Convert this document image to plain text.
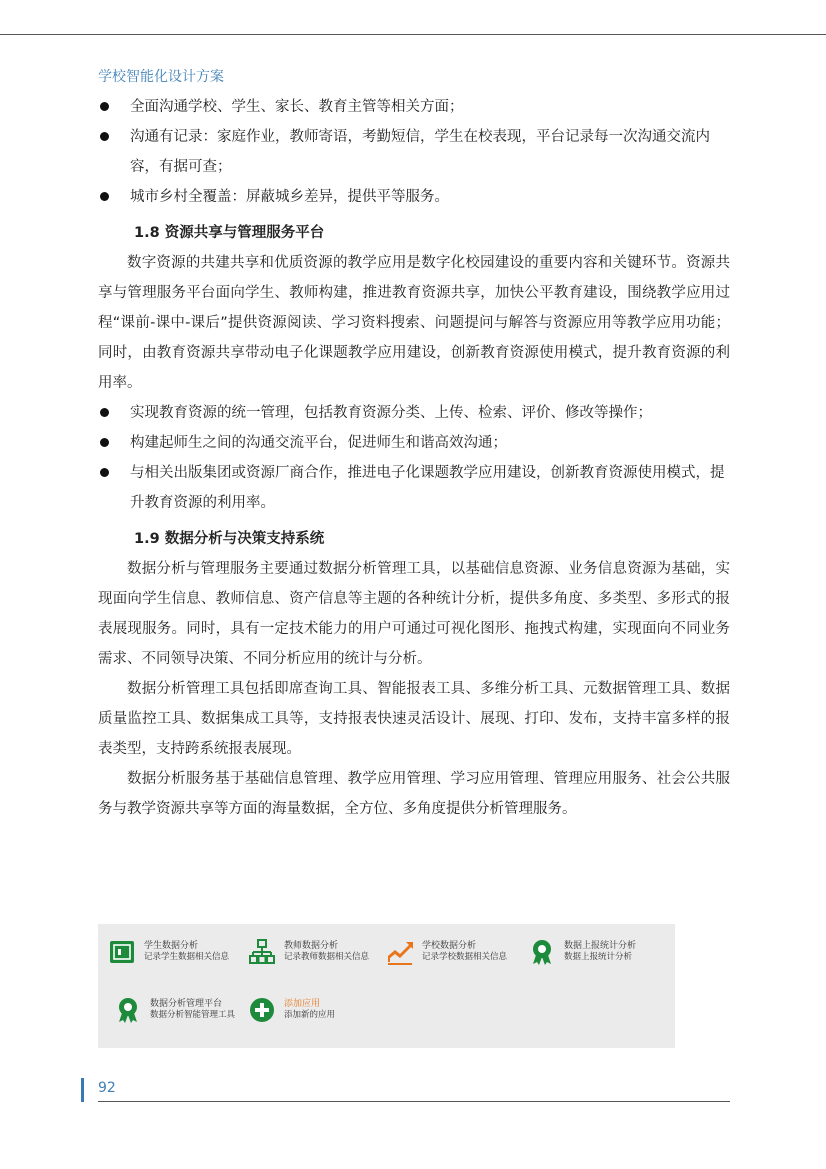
学校智能化设计方案
全面沟通学校、学生、家长、教育主管等相关方面；
沟通有记录：家庭作业，教师寄语，考勤短信，学生在校表现，平台记录每一次沟通交流内容，有据可查；
城市乡村全覆盖：屏蔽城乡差异，提供平等服务。
1.8 资源共享与管理服务平台
数字资源的共建共享和优质资源的教学应用是数字化校园建设的重要内容和关键环节。资源共享与管理服务平台面向学生、教师构建，推进教育资源共享，加快公平教育建设，围绕教学应用过程“课前-课中-课后”提供资源阅读、学习资料搜索、问题提问与解答与资源应用等教学应用功能；同时，由教育资源共享带动电子化课题教学应用建设，创新教育资源使用模式，提升教育资源的利用率。
实现教育资源的统一管理，包括教育资源分类、上传、检索、评价、修改等操作；
构建起师生之间的沟通交流平台，促进师生和谐高效沟通；
与相关出版集团或资源厂商合作，推进电子化课题教学应用建设，创新教育资源使用模式，提升教育资源的利用率。
1.9 数据分析与决策支持系统
数据分析与管理服务主要通过数据分析管理工具，以基础信息资源、业务信息资源为基础，实现面向学生信息、教师信息、资产信息等主题的各种统计分析，提供多角度、多类型、多形式的报表展现服务。同时，具有一定技术能力的用户可通过可视化图形、拖拽式构建，实现面向不同业务需求、不同领导决策、不同分析应用的统计与分析。
数据分析管理工具包括即席查询工具、智能报表工具、多维分析工具、元数据管理工具、数据质量监控工具、数据集成工具等，支持报表快速灵活设计、展现、打印、发布，支持丰富多样的报表类型，支持跨系统报表展现。
数据分析服务基于基础信息管理、教学应用管理、学习应用管理、管理应用服务、社会公共服务与教学资源共享等方面的海量数据，全方位、多角度提供分析管理服务。
学生数据分析
记录学生数据相关信息
教师数据分析
记录教师数据相关信息
学校数据分析
记录学校数据相关信息
数据上报统计分析
数据上报统计分析
数据分析管理平台
数据分析智能管理工具
添加应用
添加新的应用
92
